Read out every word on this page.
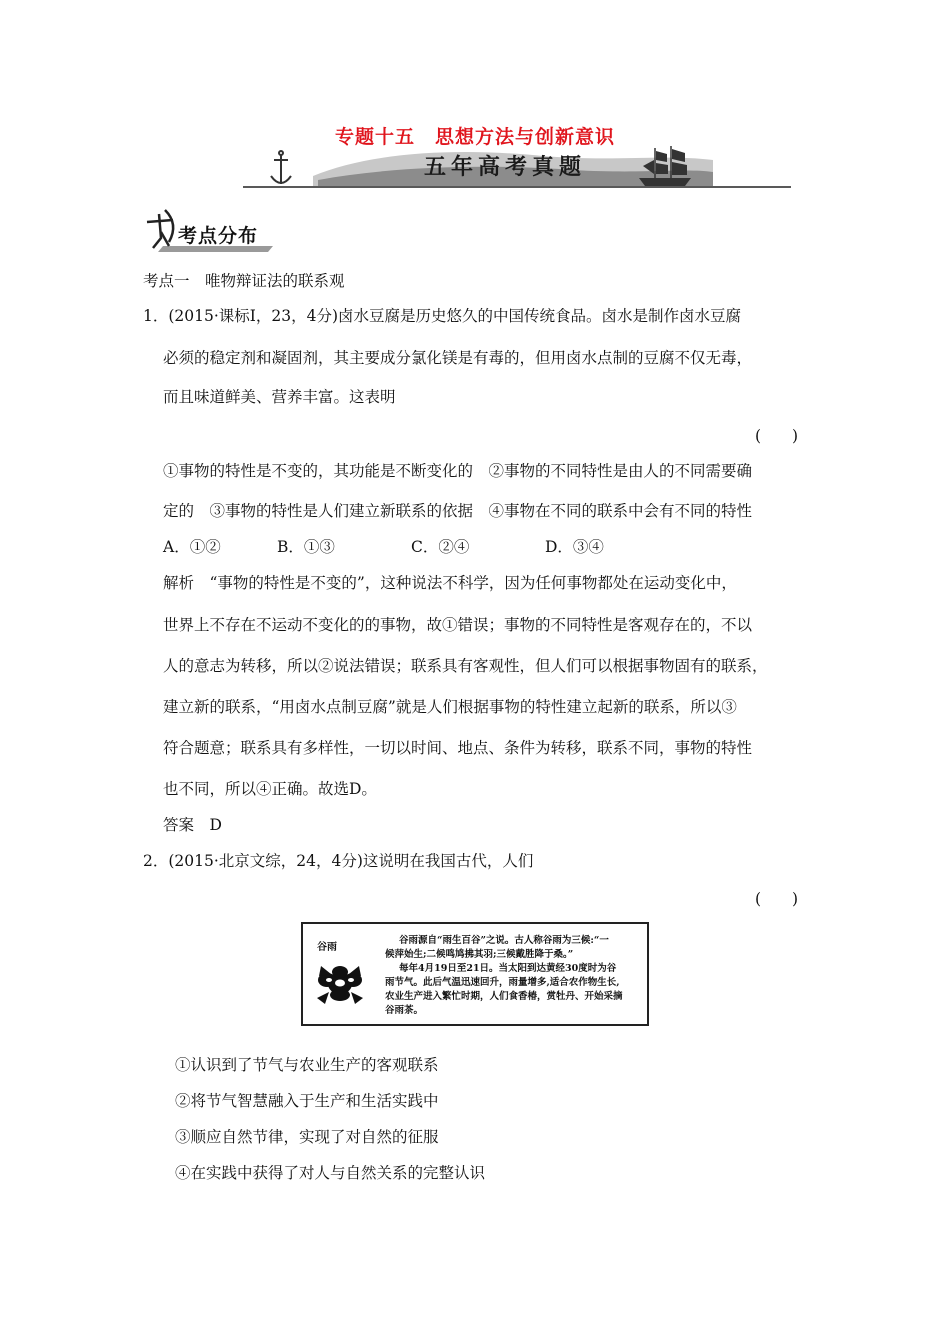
专题十五　思想方法与创新意识
五年高考真题
考点分布
考点一　唯物辩证法的联系观
1．(2015·课标Ⅰ，23，4分)卤水豆腐是历史悠久的中国传统食品。卤水是制作卤水豆腐
必须的稳定剂和凝固剂，其主要成分氯化镁是有毒的，但用卤水点制的豆腐不仅无毒，
而且味道鲜美、营养丰富。这表明
(　　)
①事物的特性是不变的，其功能是不断变化的　②事物的不同特性是由人的不同需要确
定的　③事物的特性是人们建立新联系的依据　④事物在不同的联系中会有不同的特性
A．①②	B．①③	C．②④	D．③④
解析　“事物的特性是不变的”，这种说法不科学，因为任何事物都处在运动变化中，
世界上不存在不运动不变化的的事物，故①错误；事物的不同特性是客观存在的，不以
人的意志为转移，所以②说法错误；联系具有客观性，但人们可以根据事物固有的联系，
建立新的联系，“用卤水点制豆腐”就是人们根据事物的特性建立起新的联系，所以③
符合题意；联系具有多样性，一切以时间、地点、条件为转移，联系不同，事物的特性
也不同，所以④正确。故选D。
答案　D
2．(2015·北京文综，24，4分)这说明在我国古代，人们
(　　)
谷雨
谷雨源自“雨生百谷”之说。古人称谷雨为三候:“一
候萍始生;二候鸣鸠拂其羽;三候戴胜降于桑。”
每年4月19日至21日。当太阳到达黄经30度时为谷
雨节气。此后气温迅速回升，雨量增多,适合农作物生长,
农业生产进入繁忙时期，人们食香椿，赏牡丹、开始采摘
谷雨茶。
①认识到了节气与农业生产的客观联系
②将节气智慧融入于生产和生活实践中
③顺应自然节律，实现了对自然的征服
④在实践中获得了对人与自然关系的完整认识
